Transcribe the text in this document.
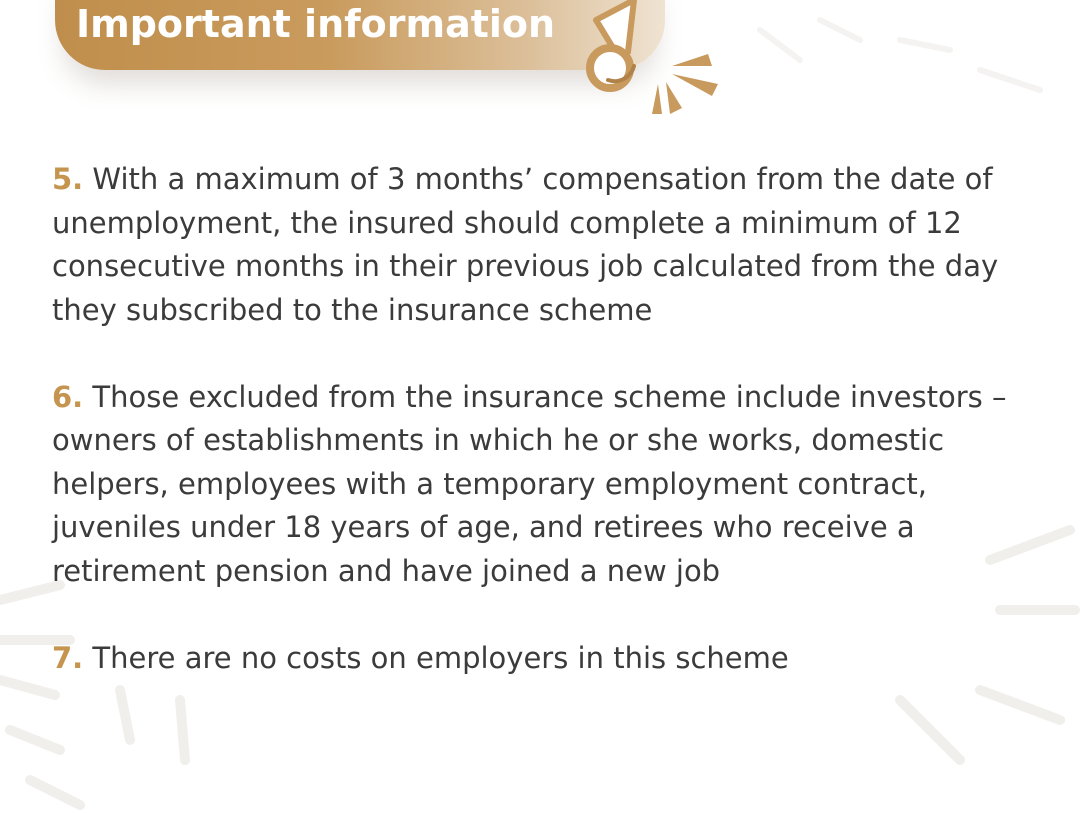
Important information

5. With a maximum of 3 months’ compensation from the date of unemployment, the insured should complete a minimum of 12 consecutive months in their previous job calculated from the day they subscribed to the insurance scheme

6. Those excluded from the insurance scheme include investors – owners of establishments in which he or she works, domestic helpers, employees with a temporary employment contract, juveniles under 18 years of age, and retirees who receive a retirement pension and have joined a new job

7. There are no costs on employers in this scheme
